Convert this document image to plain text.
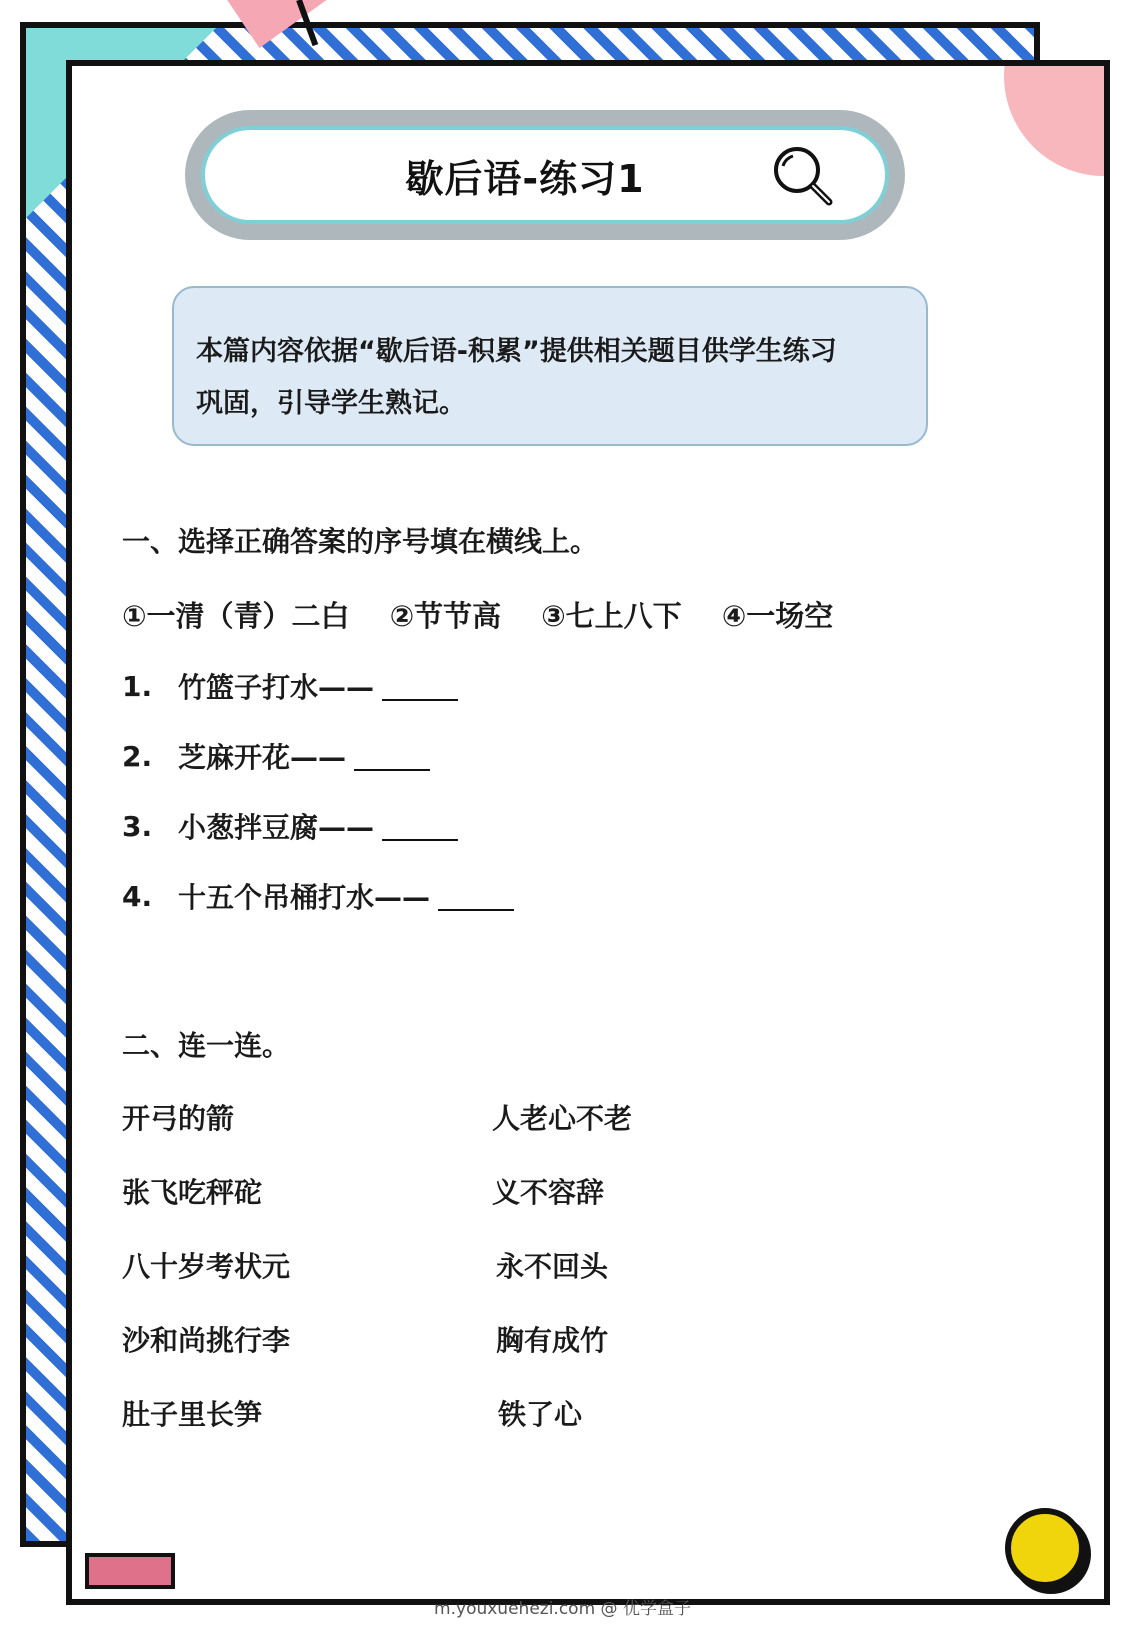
歇后语-练习1
本篇内容依据“歇后语-积累”提供相关题目供学生练习
巩固，引导学生熟记。
一、选择正确答案的序号填在横线上。
①一清（青）二白 ②节节高 ③七上八下 ④一场空
1. 竹篮子打水——
2. 芝麻开花——
3. 小葱拌豆腐——
4. 十五个吊桶打水——
二、连一连。
开弓的箭
张飞吃秤砣
八十岁考状元
沙和尚挑行李
肚子里长笋
人老心不老
义不容辞
永不回头
胸有成竹
铁了心
m.youxuehezi.com @ 优学盒子
